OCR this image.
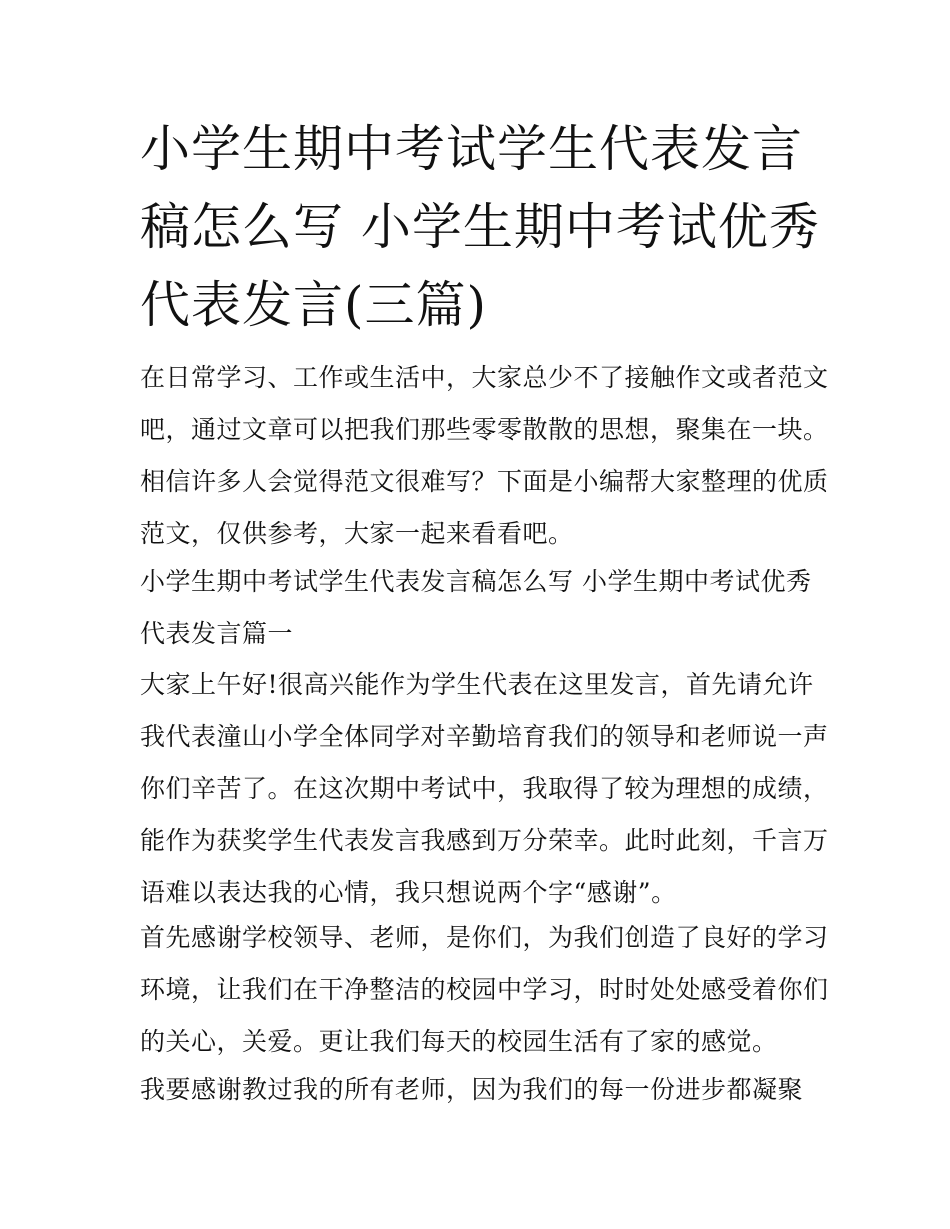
小学生期中考试学生代表发言
稿怎么写 小学生期中考试优秀
代表发言(三篇)

在日常学习、工作或生活中，大家总少不了接触作文或者范文
吧，通过文章可以把我们那些零零散散的思想，聚集在一块。
相信许多人会觉得范文很难写？下面是小编帮大家整理的优质
范文，仅供参考，大家一起来看看吧。

小学生期中考试学生代表发言稿怎么写 小学生期中考试优秀
代表发言篇一

大家上午好!很高兴能作为学生代表在这里发言，首先请允许
我代表潼山小学全体同学对辛勤培育我们的领导和老师说一声
你们辛苦了。在这次期中考试中，我取得了较为理想的成绩，
能作为获奖学生代表发言我感到万分荣幸。此时此刻，千言万
语难以表达我的心情，我只想说两个字“感谢”。

首先感谢学校领导、老师，是你们，为我们创造了良好的学习
环境，让我们在干净整洁的校园中学习，时时处处感受着你们
的关心，关爱。更让我们每天的校园生活有了家的感觉。

我要感谢教过我的所有老师，因为我们的每一份进步都凝聚
